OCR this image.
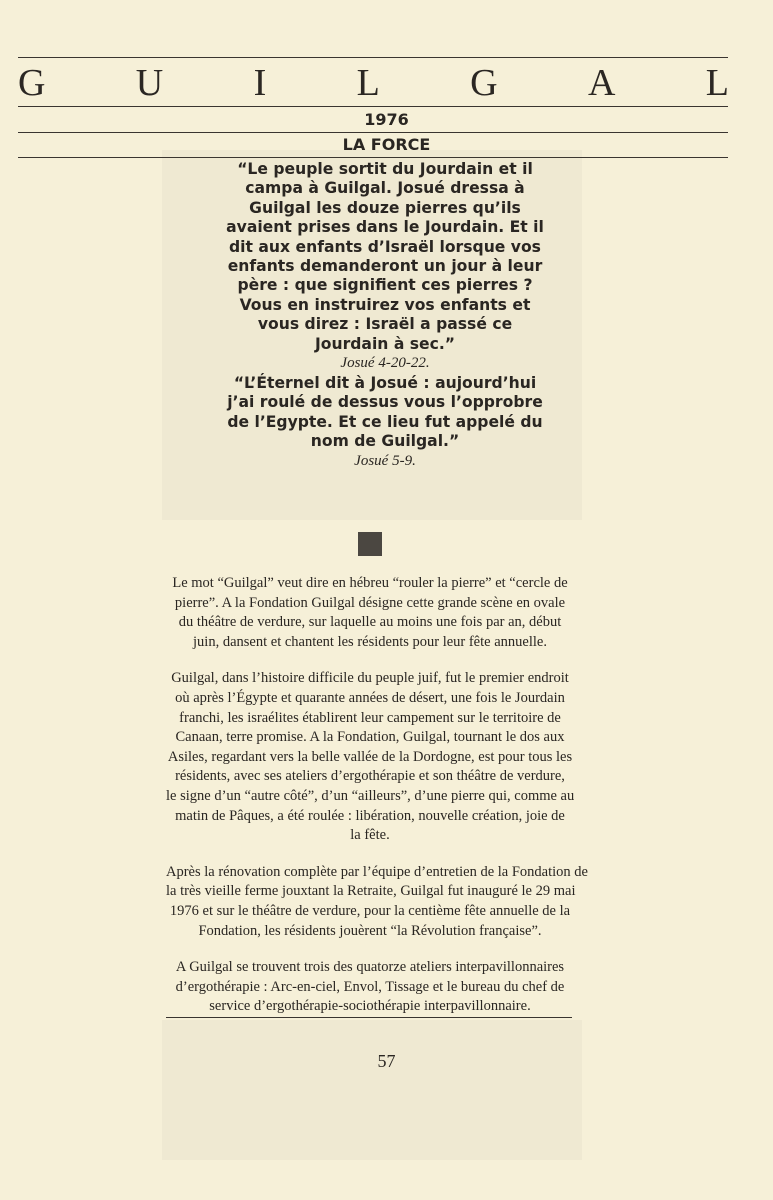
G U I L G A L
1976
LA FORCE

“Le peuple sortit du Jourdain et il
campa à Guilgal. Josué dressa à
Guilgal les douze pierres qu’ils
avaient prises dans le Jourdain. Et il
dit aux enfants d’Israël lorsque vos
enfants demanderont un jour à leur
père : que signifient ces pierres ?
Vous en instruirez vos enfants et
vous direz : Israël a passé ce
Jourdain à sec.”

Josué 4-20-22.

“L’Éternel dit à Josué : aujourd’hui
j’ai roulé de dessus vous l’opprobre
de l’Egypte. Et ce lieu fut appelé du
nom de Guilgal.”

Josué 5-9.

Le mot “Guilgal” veut dire en hébreu “rouler la pierre” et “cercle de
pierre”. A la Fondation Guilgal désigne cette grande scène en ovale
du théâtre de verdure, sur laquelle au moins une fois par an, début
juin, dansent et chantent les résidents pour leur fête annuelle.

Guilgal, dans l’histoire difficile du peuple juif, fut le premier endroit
où après l’Égypte et quarante années de désert, une fois le Jourdain
franchi, les israélites établirent leur campement sur le territoire de
Canaan, terre promise. A la Fondation, Guilgal, tournant le dos aux
Asiles, regardant vers la belle vallée de la Dordogne, est pour tous les
résidents, avec ses ateliers d’ergothérapie et son théâtre de verdure,
le signe d’un “autre côté”, d’un “ailleurs”, d’une pierre qui, comme au
matin de Pâques, a été roulée : libération, nouvelle création, joie de
la fête.

Après la rénovation complète par l’équipe d’entretien de la Fondation de
la très vieille ferme jouxtant la Retraite, Guilgal fut inauguré le 29 mai
1976 et sur le théâtre de verdure, pour la centième fête annuelle de la
Fondation, les résidents jouèrent “la Révolution française”.

A Guilgal se trouvent trois des quatorze ateliers interpavillonnaires
d’ergothérapie : Arc-en-ciel, Envol, Tissage et le bureau du chef de
service d’ergothérapie-sociothérapie interpavillonnaire.

57
